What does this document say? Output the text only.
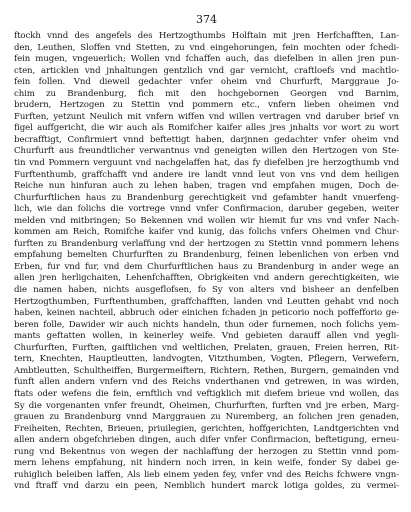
374
ftockh vnnd des angefels des Hertzogthumbs Holftain mit jren Herfchafften, Lan-
den, Leuthen, Sloffen vnd Stetten, zu vnd eingehorungen, fein mochten oder fchedi-
fein mugen, vngeuerlich; Wollen vnd fchaffen auch, das diefelben in allen jren pun-
cten, articklen vnd jnhaltungen gentzlich vnd gar vernicht, craftloefs vnd machtlo-
fein follen. Vnd dieweil gedachter vnfer oheim vnd Churfurft, Marggraue Jo-
chim zu Brandenburg, fich mit den hochgebornen Georgen vnd Barnim,
brudern, Hertzogen zu Stettin vnd pommern etc., vnfern lieben oheimen vnd
Furften, yetzunt Neulich mit vnfern wiffen vnd willen vertragen vnd daruber brief vn
figel auffgericht, die wir auch als Romifcher kaifer alles jres jnhalts vor wort zu wort
becrafftigt, Confirmiert vnnd beftettigt haben, darjnnen gedachter vnfer oheim vnd
Churfurft aus freundtlicher verwantnus vnd geneigten willen den Hertzogen von Ste-
tin vnd Pommern verguunt vnd nachgelaffen hat, das fy diefelben jre herzogthumb vnd
Furftenthumb, graffchafft vnd andere ire landt vnnd leut von vns vnd dem heiligen
Reiche nun hinfuran auch zu lehen haben, tragen vnd empfahen mugen, Doch de-
Churfurftlichen haus zu Brandenburg gerechtigkeit vnd gefambter handt vnuerfeng-
lich, wie dan folichs die vortrege vnnd vnfer Confirmacion, daruber gegeben, weiter
melden vnd mitbringen; So Bekennen vnd wollen wir hiemit fur vns vnd vnfer Nach-
kommen am Reich, Romifche kaifer vnd kunig, das folichs vnfers Oheimen vnd Chur-
furften zu Brandenburg verlaffung vnd der hertzogen zu Stettin vnnd pommern lehens
empfahung bemelten Churfurften zu Brandenburg, feinen lebenlichen von erben vnd
Erben, fur vnd fur, vnd dem Churfurftlichen haus zu Brandenburg in ander wege an
allen jren herligchaiten, Lehenfchafften, Obrigkeiten vnd andern gerechtigkeiten, wie
die namen haben, nichts ausgeflofsen, fo Sy von alters vnd bisheer an denfelben
Hertzogthumben, Furftenthumben, graffchafften, landen vnd Leutten gehabt vnd noch
haben, keinen nachteil, abbruch oder einichen fchaden jn peticorio noch poffefforio ge-
beren folle, Dawider wir auch nichts handeln, thun oder furnemen, noch folichs yem-
mants geftatten wollen, in keinerley weife. Vnd gebieten darauff allen vnd yegli-
Churfurften, Furften, gaiftlichen vnd weltlichen, Prelaten, grauen, Freien herren, Rit-
tern, Knechten, Hauptleutten, landvogten, Vitzthumben, Vogten, Pflegern, Verwefern,
Ambtleutten, Schultheiffen, Burgermeiftern, Richtern, Rethen, Burgern, gemainden vnd
funft allen andern vnfern vnd des Reichs vnderthanen vnd getrewen, in was wirden,
ftats oder wefens die fein, ernftlich vnd veftigklich mit diefem brieue vnd wollen, das
Sy die vorgenanten vnfer freundt, Oheimen, Churfurften, furften vnd jre erben, Marg-
grauen zu Brandenburg vnnd Marggrauen zu Nuremberg, an folichen jren genaden,
Freiheiten, Rechten, Brieuen, priuilegien, gerichten, hoffgerichten, Landtgerichten vnd
allen andern obgefchrieben dingen, auch difer vnfer Confirmacion, beftetigung, erneu-
rung vnd Bekentnus von wegen der nachlaffung der herzogen zu Stettin vnnd pom-
mern lehens empfahung, nit hindern noch irren, in kein weife, fonder Sy dabei ge-
ruhiglich beleiben laffen, Als lieb einem yeden fey, vnfer vnd des Reichs fchwere vngn-
vnd ftraff vnd darzu ein peen, Nemblich hundert marck lotiga goldes, zu vermei-
